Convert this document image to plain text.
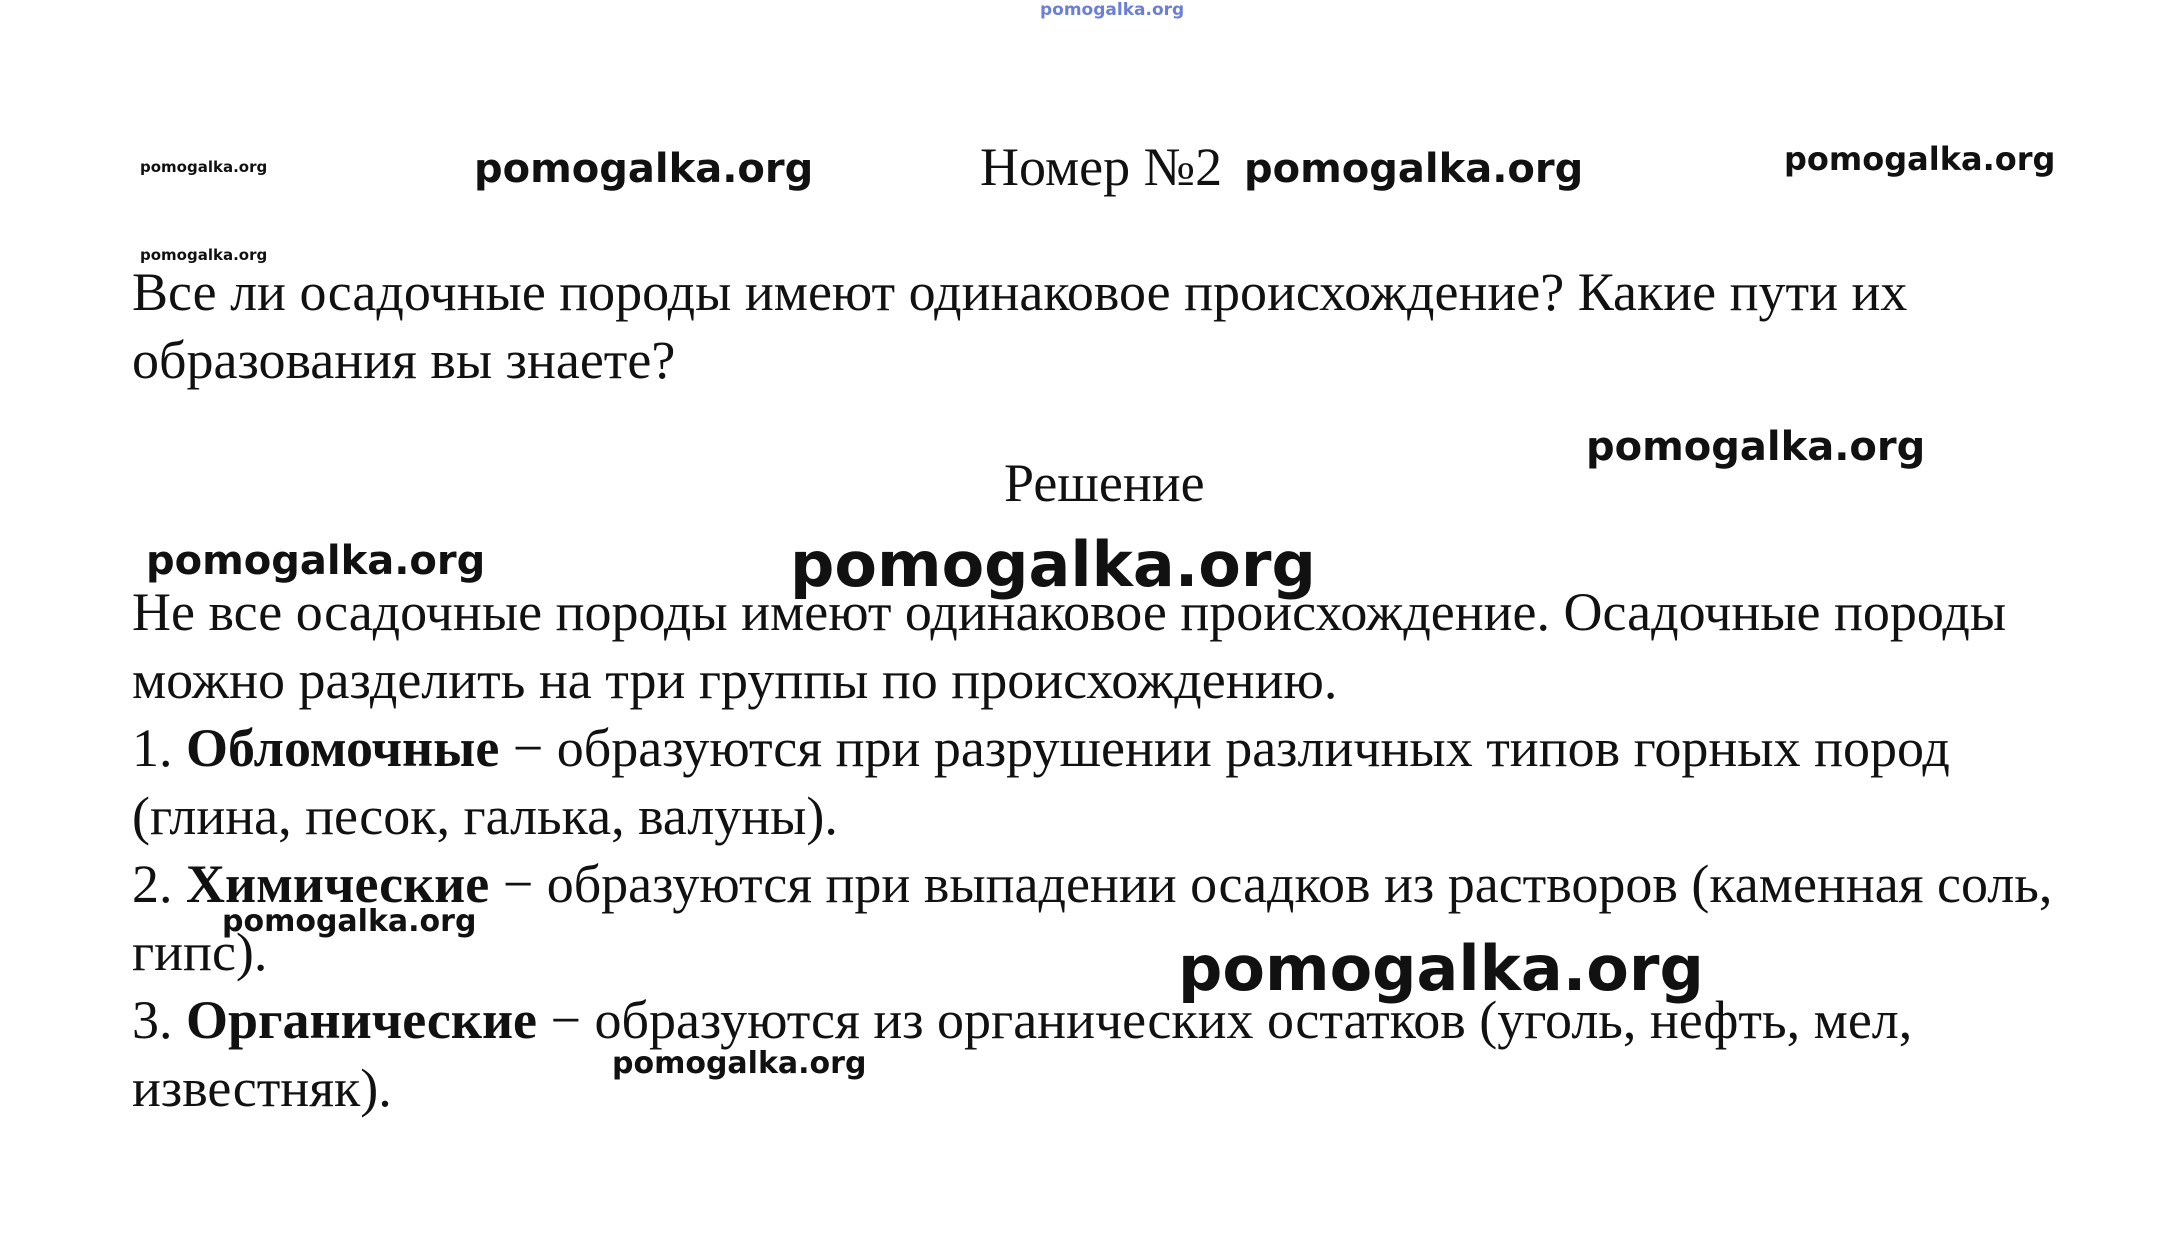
pomogalka.org
pomogalka.org	pomogalka.org	pomogalka.org	pomogalka.org
pomogalka.org
pomogalka.org
pomogalka.org	pomogalka.org
pomogalka.org
pomogalka.org
pomogalka.org
Номер №2
Все ли осадочные породы имеют одинаковое происхождение? Какие пути их образования вы знаете?
Решение

Не все осадочные породы имеют одинаковое происхождение. Осадочные породы можно разделить на три группы по происхождению.

1. Обломочные − образуются при разрушении различных типов горных пород (глина, песок, галька, валуны).

2. Химические − образуются при выпадении осадков из растворов (каменная соль, гипс).

3. Органические − образуются из органических остатков (уголь, нефть, мел, известняк).
